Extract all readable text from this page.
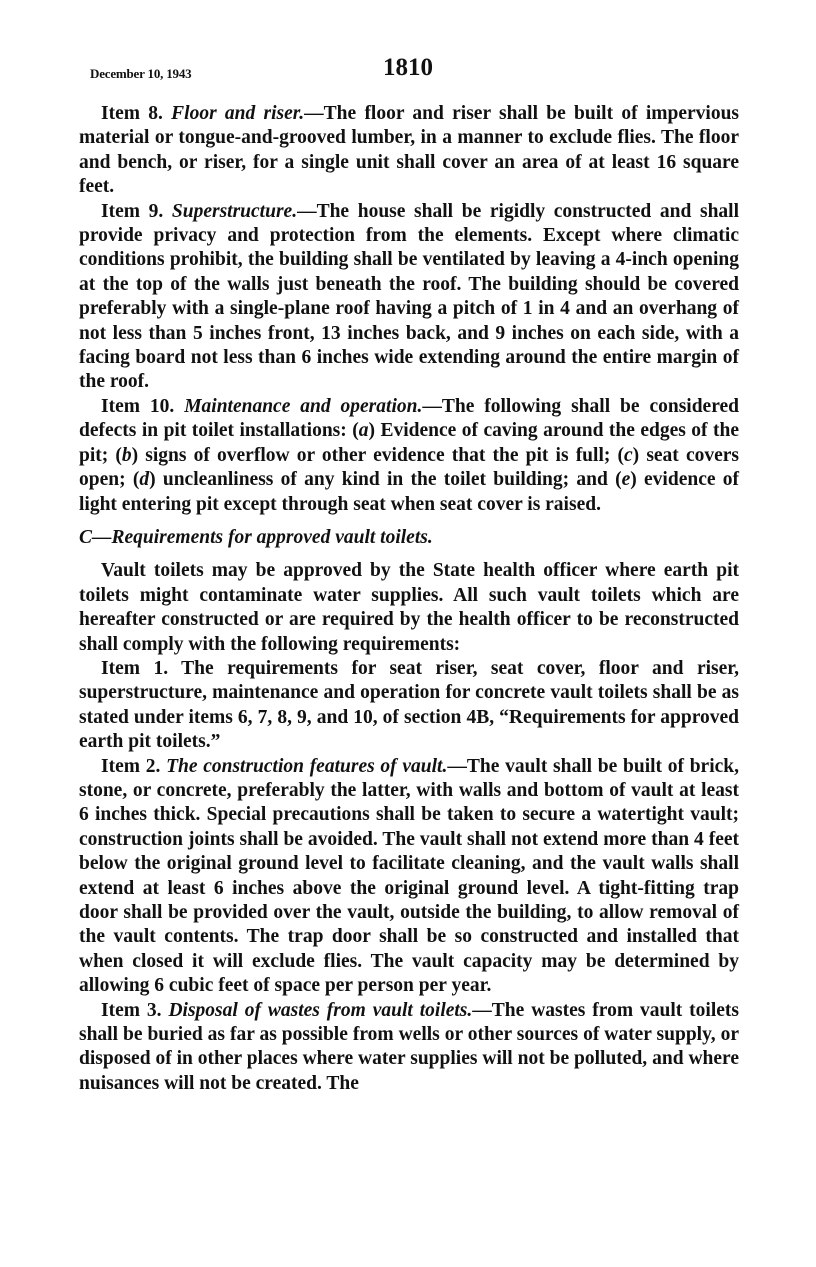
December 10, 1943	1810

Item 8. Floor and riser.—The floor and riser shall be built of impervious material or tongue-and-grooved lumber, in a manner to exclude flies. The floor and bench, or riser, for a single unit shall cover an area of at least 16 square feet.

Item 9. Superstructure.—The house shall be rigidly constructed and shall provide privacy and protection from the elements. Except where climatic conditions prohibit, the building shall be ventilated by leaving a 4-inch opening at the top of the walls just beneath the roof. The building should be covered preferably with a single-plane roof having a pitch of 1 in 4 and an overhang of not less than 5 inches front, 13 inches back, and 9 inches on each side, with a facing board not less than 6 inches wide extending around the entire margin of the roof.

Item 10. Maintenance and operation.—The following shall be considered defects in pit toilet installations: (a) Evidence of caving around the edges of the pit; (b) signs of overflow or other evidence that the pit is full; (c) seat covers open; (d) uncleanliness of any kind in the toilet building; and (e) evidence of light entering pit except through seat when seat cover is raised.

C—Requirements for approved vault toilets.

Vault toilets may be approved by the State health officer where earth pit toilets might contaminate water supplies. All such vault toilets which are hereafter constructed or are required by the health officer to be reconstructed shall comply with the following requirements:

Item 1. The requirements for seat riser, seat cover, floor and riser, superstructure, maintenance and operation for concrete vault toilets shall be as stated under items 6, 7, 8, 9, and 10, of section 4B, “Requirements for approved earth pit toilets.”

Item 2. The construction features of vault.—The vault shall be built of brick, stone, or concrete, preferably the latter, with walls and bottom of vault at least 6 inches thick. Special precautions shall be taken to secure a watertight vault; construction joints shall be avoided. The vault shall not extend more than 4 feet below the original ground level to facilitate cleaning, and the vault walls shall extend at least 6 inches above the original ground level. A tight-fitting trap door shall be provided over the vault, outside the building, to allow removal of the vault contents. The trap door shall be so constructed and installed that when closed it will exclude flies. The vault capacity may be determined by allowing 6 cubic feet of space per person per year.

Item 3. Disposal of wastes from vault toilets.—The wastes from vault toilets shall be buried as far as possible from wells or other sources of water supply, or disposed of in other places where water supplies will not be polluted, and where nuisances will not be created. The
